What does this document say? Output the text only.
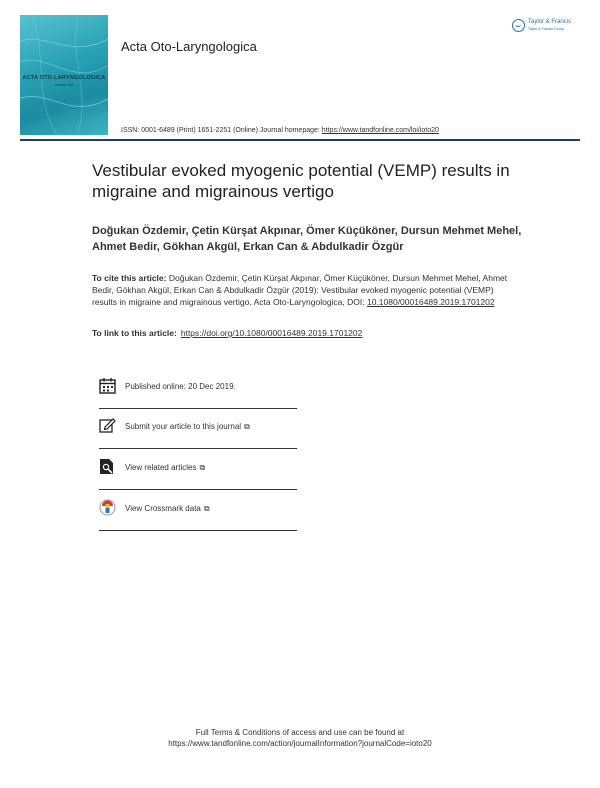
ACTA OTO-LARYNGOLOGICA
Volume 139
Acta Oto-Laryngologica
Taylor & Francis
Taylor & Francis Group
ISSN: 0001-6489 (Print) 1651-2251 (Online) Journal homepage: https://www.tandfonline.com/loi/ioto20
Vestibular evoked myogenic potential (VEMP) results in migraine and migrainous vertigo
Doğukan Özdemir, Çetin Kürşat Akpınar, Ömer Küçüköner, Dursun Mehmet Mehel, Ahmet Bedir, Gökhan Akgül, Erkan Can & Abdulkadir Özgür
To cite this article: Doğukan Özdemir, Çetin Kürşat Akpınar, Ömer Küçüköner, Dursun Mehmet Mehel, Ahmet Bedir, Gökhan Akgül, Erkan Can & Abdulkadir Özgür (2019): Vestibular evoked myogenic potential (VEMP) results in migraine and migrainous vertigo, Acta Oto-Laryngologica, DOI: 10.1080/00016489.2019.1701202
To link to this article: https://doi.org/10.1080/00016489.2019.1701202
Published online: 20 Dec 2019.
Submit your article to this journal ⧉
View related articles ⧉
View Crossmark data ⧉
Full Terms & Conditions of access and use can be found at
https://www.tandfonline.com/action/journalInformation?journalCode=ioto20
